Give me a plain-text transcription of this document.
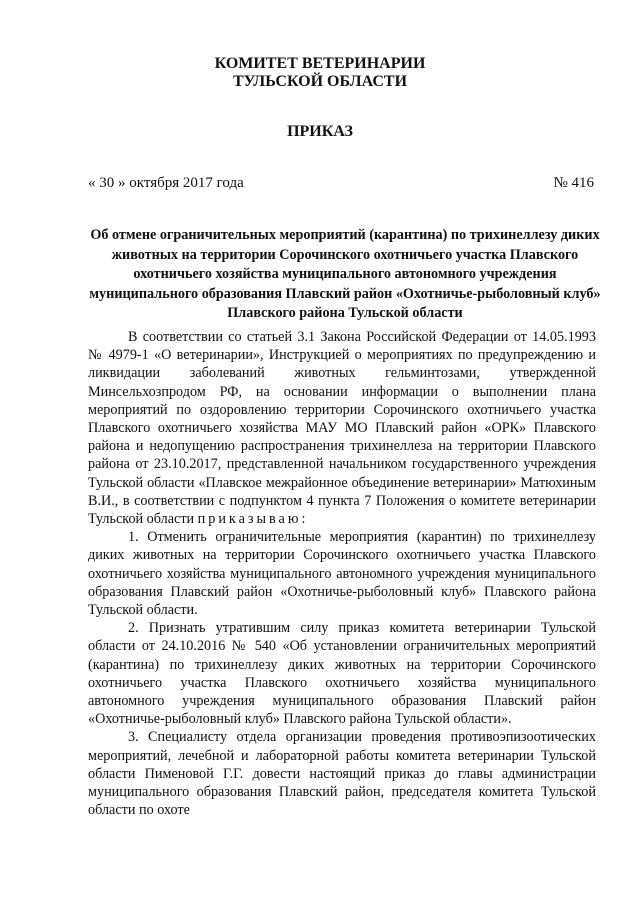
КОМИТЕТ ВЕТЕРИНАРИИ
ТУЛЬСКОЙ ОБЛАСТИ
ПРИКАЗ
« 30 » октября 2017 года	№ 416
Об отмене ограничительных мероприятий (карантина) по трихинеллезу диких животных на территории Сорочинского охотничьего участка Плавского охотничьего хозяйства муниципального автономного учреждения муниципального образования Плавский район «Охотничье-рыболовный клуб» Плавского района Тульской области

В соответствии со статьей 3.1 Закона Российской Федерации от 14.05.1993 № 4979-1 «О ветеринарии», Инструкцией о мероприятиях по предупреждению и ликвидации заболеваний животных гельминтозами, утвержденной Минсельхозпродом РФ, на основании информации о выполнении плана мероприятий по оздоровлению территории Сорочинского охотничьего участка Плавского охотничьего хозяйства МАУ МО Плавский район «ОРК» Плавского района и недопущению распространения трихинеллеза на территории Плавского района от 23.10.2017, представленной начальником государственного учреждения Тульской области «Плавское межрайонное объединение ветеринарии» Матюхиным В.И., в соответствии с подпунктом 4 пункта 7 Положения о комитете ветеринарии Тульской области приказываю:

1. Отменить ограничительные мероприятия (карантин) по трихинеллезу диких животных на территории Сорочинского охотничьего участка Плавского охотничьего хозяйства муниципального автономного учреждения муниципального образования Плавский район «Охотничье-рыболовный клуб» Плавского района Тульской области.

2. Признать утратившим силу приказ комитета ветеринарии Тульской области от 24.10.2016 № 540 «Об установлении ограничительных мероприятий (карантина) по трихинеллезу диких животных на территории Сорочинского охотничьего участка Плавского охотничьего хозяйства муниципального автономного учреждения муниципального образования Плавский район «Охотничье-рыболовный клуб» Плавского района Тульской области».

3. Специалисту отдела организации проведения противоэпизоотических мероприятий, лечебной и лабораторной работы комитета ветеринарии Тульской области Пименовой Г.Г. довести настоящий приказ до главы администрации муниципального образования Плавский район, председателя комитета Тульской области по охоте
